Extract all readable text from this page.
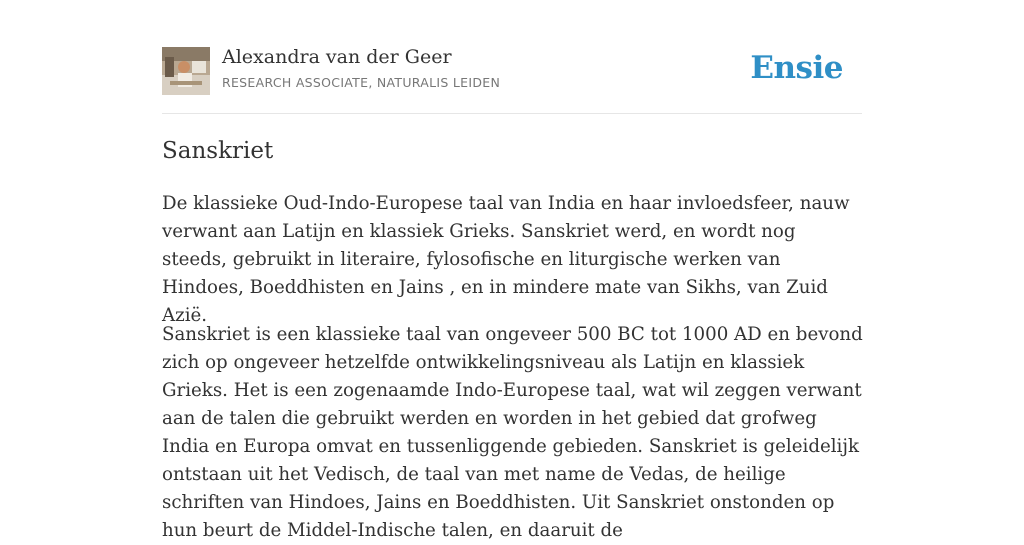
Alexandra van der Geer
RESEARCH ASSOCIATE, NATURALIS LEIDEN	Ensie
Sanskriet

De klassieke Oud-Indo-Europese taal van India en haar invloedsfeer, nauw verwant aan Latijn en klassiek Grieks. Sanskriet werd, en wordt nog steeds, gebruikt in literaire, fylosofische en liturgische werken van Hindoes, Boeddhisten en Jains , en in mindere mate van Sikhs, van Zuid Azië.

Sanskriet is een klassieke taal van ongeveer 500 BC tot 1000 AD en bevond zich op ongeveer hetzelfde ontwikkelingsniveau als Latijn en klassiek Grieks. Het is een zogenaamde Indo-Europese taal, wat wil zeggen verwant aan de talen die gebruikt werden en worden in het gebied dat grofweg India en Europa omvat en tussenliggende gebieden. Sanskriet is geleidelijk ontstaan uit het Vedisch, de taal van met name de Vedas, de heilige schriften van Hindoes, Jains en Boeddhisten. Uit Sanskriet onstonden op hun beurt de Middel-Indische talen, en daaruit de
